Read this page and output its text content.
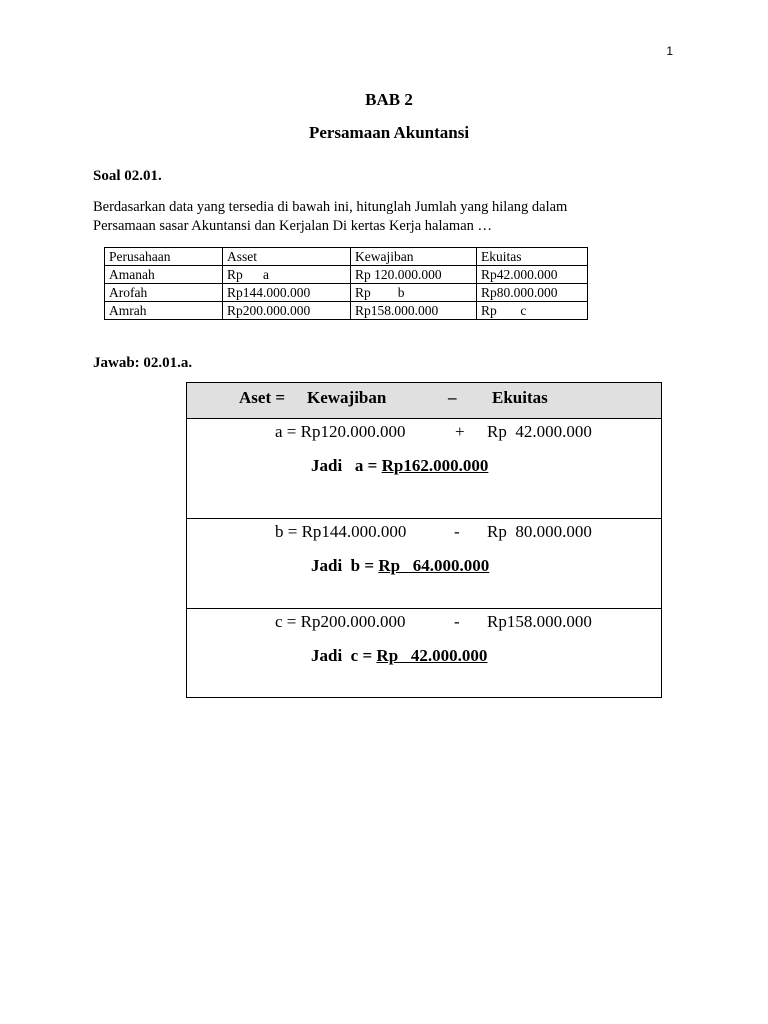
1
BAB 2
Persamaan Akuntansi
Soal 02.01.

Berdasarkan data yang tersedia di bawah ini, hitunglah Jumlah yang hilang dalam

Persamaan sasar Akuntansi dan Kerjalan Di kertas Kerja halaman …

Perusahaan	Asset	Kewajiban	Ekuitas
Amanah	Rp      a	Rp 120.000.000	Rp42.000.000
Arofah	Rp144.000.000	Rp        b	Rp80.000.000
Amrah	Rp200.000.000	Rp158.000.000	Rp       c
Jawab: 02.01.a.
Aset = Kewajiban	– Ekuitas
a = Rp120.000.000	+ Rp  42.000.000
Jadi   a = Rp162.000.000
b = Rp144.000.000	- Rp  80.000.000
Jadi  b = Rp   64.000.000
c = Rp200.000.000	- Rp158.000.000
Jadi  c = Rp   42.000.000
